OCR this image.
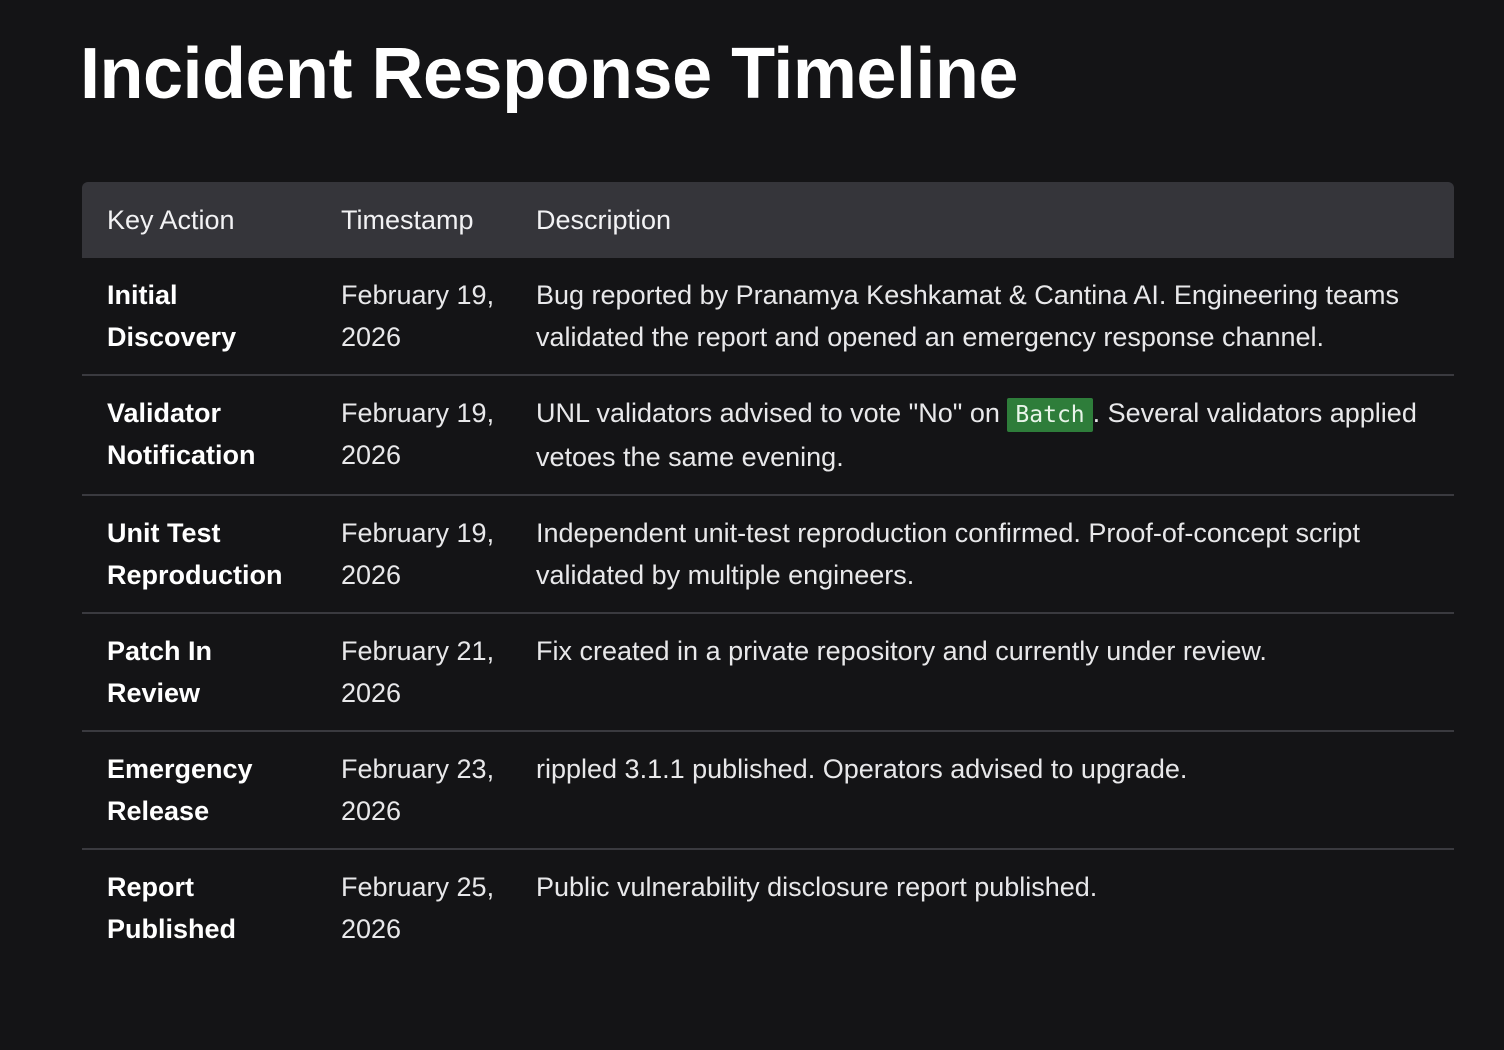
Incident Response Timeline
Key Action	Timestamp	Description
Initial Discovery	February 19, 2026	Bug reported by Pranamya Keshkamat & Cantina AI. Engineering teams validated the report and opened an emergency response channel.
Validator Notification	February 19, 2026	UNL validators advised to vote "No" on Batch . Several validators applied vetoes the same evening.
Unit Test Reproduction	February 19, 2026	Independent unit-test reproduction confirmed. Proof-of-concept script validated by multiple engineers.
Patch In Review	February 21, 2026	Fix created in a private repository and currently under review.
Emergency Release	February 23, 2026	rippled 3.1.1 published. Operators advised to upgrade.
Report Published	February 25, 2026	Public vulnerability disclosure report published.
